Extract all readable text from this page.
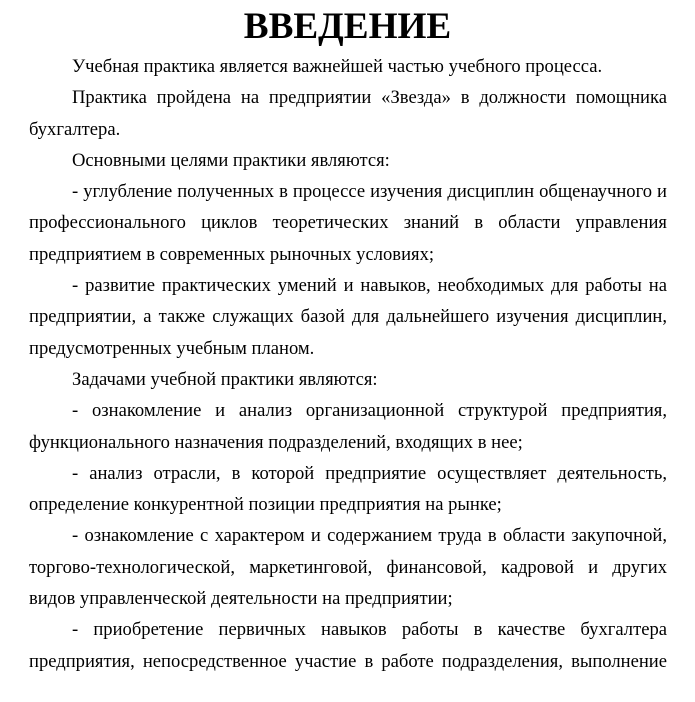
ВВЕДЕНИЕ

Учебная практика является важнейшей частью учебного процесса.

Практика пройдена на предприятии «Звезда» в должности помощника бухгалтера.

Основными целями практики являются:

- углубление полученных в процессе изучения дисциплин общенаучного и профессионального циклов теоретических знаний в области управления предприятием в современных рыночных условиях;

- развитие практических умений и навыков, необходимых для работы на предприятии, а также служащих базой для дальнейшего изучения дисциплин, предусмотренных учебным планом.

Задачами учебной практики являются:

- ознакомление и анализ организационной структурой предприятия, функционального назначения подразделений, входящих в нее;

- анализ отрасли, в которой предприятие осуществляет деятельность, определение конкурентной позиции предприятия на рынке;

- ознакомление с характером и содержанием труда в области закупочной, торгово-технологической, маркетинговой, финансовой, кадровой и других видов управленческой деятельности на предприятии;

- приобретение первичных навыков работы в качестве бухгалтера предприятия, непосредственное участие в работе подразделения, выполнение
